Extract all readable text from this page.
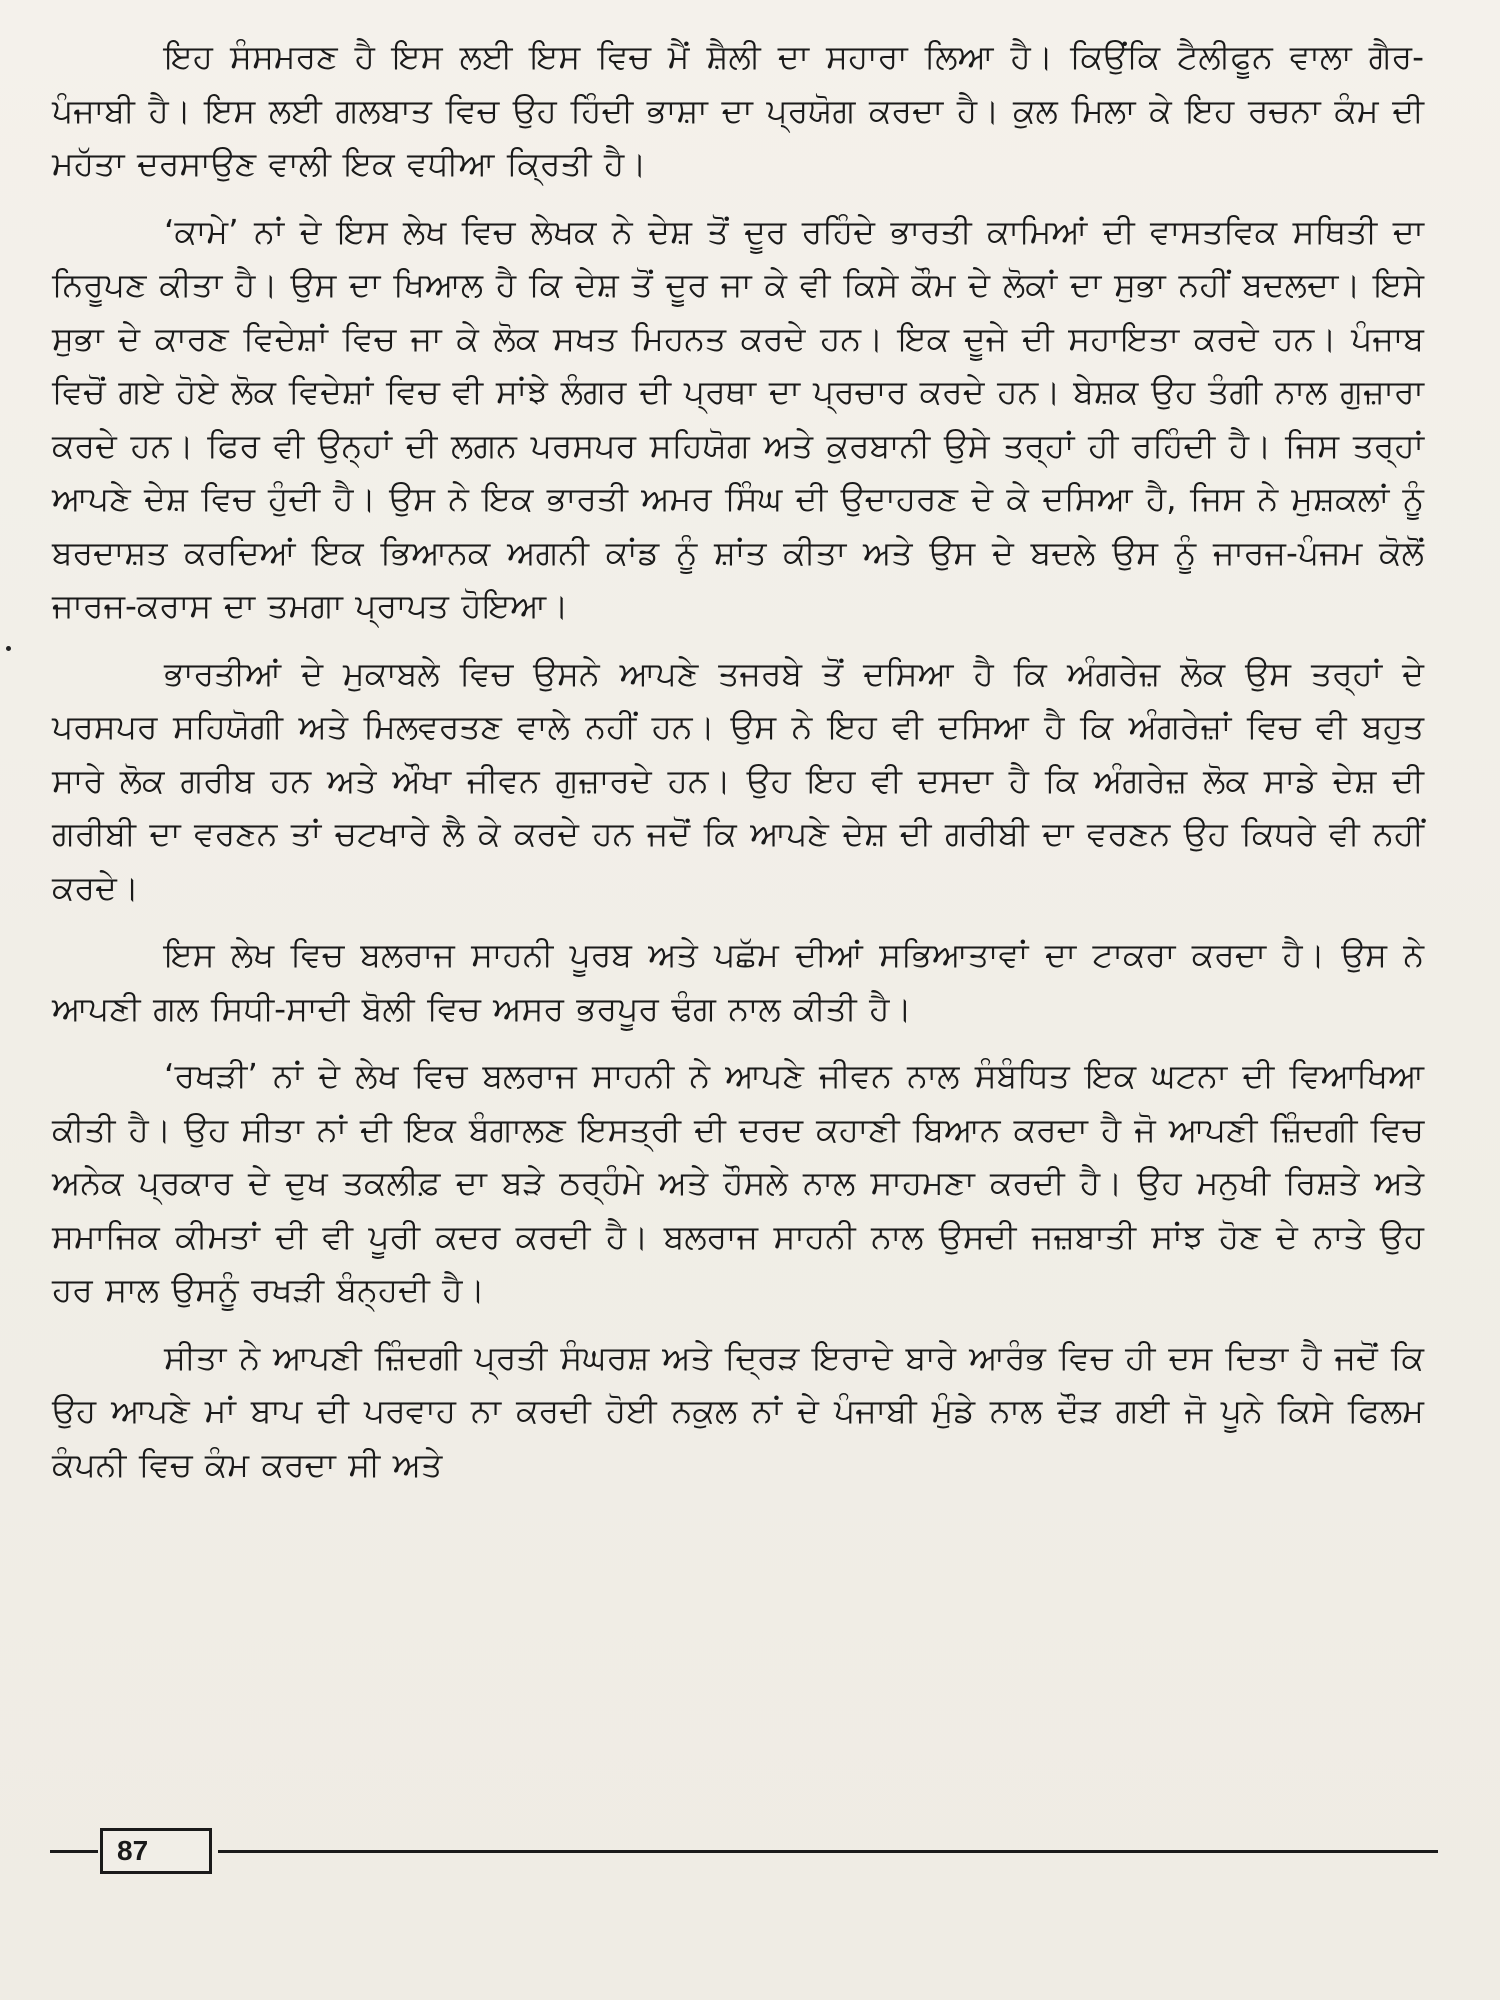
ਇਹ ਸੰਸਮਰਣ ਹੈ ਇਸ ਲਈ ਇਸ ਵਿਚ ਮੈਂ ਸ਼ੈਲੀ ਦਾ ਸਹਾਰਾ ਲਿਆ ਹੈ। ਕਿਉਂਕਿ ਟੈਲੀਫੂਨ ਵਾਲਾ ਗੈਰ-ਪੰਜਾਬੀ ਹੈ। ਇਸ ਲਈ ਗਲਬਾਤ ਵਿਚ ਉਹ ਹਿੰਦੀ ਭਾਸ਼ਾ ਦਾ ਪ੍ਰਯੋਗ ਕਰਦਾ ਹੈ। ਕੁਲ ਮਿਲਾ ਕੇ ਇਹ ਰਚਨਾ ਕੰਮ ਦੀ ਮਹੱਤਾ ਦਰਸਾਉਣ ਵਾਲੀ ਇਕ ਵਧੀਆ ਕ੍ਰਿਤੀ ਹੈ।

‘ਕਾਮੇ’ ਨਾਂ ਦੇ ਇਸ ਲੇਖ ਵਿਚ ਲੇਖਕ ਨੇ ਦੇਸ਼ ਤੋਂ ਦੂਰ ਰਹਿੰਦੇ ਭਾਰਤੀ ਕਾਮਿਆਂ ਦੀ ਵਾਸਤਵਿਕ ਸਥਿਤੀ ਦਾ ਨਿਰੂਪਣ ਕੀਤਾ ਹੈ। ਉਸ ਦਾ ਖਿਆਲ ਹੈ ਕਿ ਦੇਸ਼ ਤੋਂ ਦੂਰ ਜਾ ਕੇ ਵੀ ਕਿਸੇ ਕੌਮ ਦੇ ਲੋਕਾਂ ਦਾ ਸੁਭਾ ਨਹੀਂ ਬਦਲਦਾ। ਇਸੇ ਸੁਭਾ ਦੇ ਕਾਰਣ ਵਿਦੇਸ਼ਾਂ ਵਿਚ ਜਾ ਕੇ ਲੋਕ ਸਖਤ ਮਿਹਨਤ ਕਰਦੇ ਹਨ। ਇਕ ਦੂਜੇ ਦੀ ਸਹਾਇਤਾ ਕਰਦੇ ਹਨ। ਪੰਜਾਬ ਵਿਚੋਂ ਗਏ ਹੋਏ ਲੋਕ ਵਿਦੇਸ਼ਾਂ ਵਿਚ ਵੀ ਸਾਂਝੇ ਲੰਗਰ ਦੀ ਪ੍ਰਥਾ ਦਾ ਪ੍ਰਚਾਰ ਕਰਦੇ ਹਨ। ਬੇਸ਼ਕ ਉਹ ਤੰਗੀ ਨਾਲ ਗੁਜ਼ਾਰਾ ਕਰਦੇ ਹਨ। ਫਿਰ ਵੀ ਉਨ੍ਹਾਂ ਦੀ ਲਗਨ ਪਰਸਪਰ ਸਹਿਯੋਗ ਅਤੇ ਕੁਰਬਾਨੀ ਉਸੇ ਤਰ੍ਹਾਂ ਹੀ ਰਹਿੰਦੀ ਹੈ। ਜਿਸ ਤਰ੍ਹਾਂ ਆਪਣੇ ਦੇਸ਼ ਵਿਚ ਹੁੰਦੀ ਹੈ। ਉਸ ਨੇ ਇਕ ਭਾਰਤੀ ਅਮਰ ਸਿੰਘ ਦੀ ਉਦਾਹਰਣ ਦੇ ਕੇ ਦਸਿਆ ਹੈ, ਜਿਸ ਨੇ ਮੁਸ਼ਕਲਾਂ ਨੂੰ ਬਰਦਾਸ਼ਤ ਕਰਦਿਆਂ ਇਕ ਭਿਆਨਕ ਅਗਨੀ ਕਾਂਡ ਨੂੰ ਸ਼ਾਂਤ ਕੀਤਾ ਅਤੇ ਉਸ ਦੇ ਬਦਲੇ ਉਸ ਨੂੰ ਜਾਰਜ-ਪੰਜਮ ਕੋਲੋਂ ਜਾਰਜ-ਕਰਾਸ ਦਾ ਤਮਗਾ ਪ੍ਰਾਪਤ ਹੋਇਆ।

ਭਾਰਤੀਆਂ ਦੇ ਮੁਕਾਬਲੇ ਵਿਚ ਉਸਨੇ ਆਪਣੇ ਤਜਰਬੇ ਤੋਂ ਦਸਿਆ ਹੈ ਕਿ ਅੰਗਰੇਜ਼ ਲੋਕ ਉਸ ਤਰ੍ਹਾਂ ਦੇ ਪਰਸਪਰ ਸਹਿਯੋਗੀ ਅਤੇ ਮਿਲਵਰਤਣ ਵਾਲੇ ਨਹੀਂ ਹਨ। ਉਸ ਨੇ ਇਹ ਵੀ ਦਸਿਆ ਹੈ ਕਿ ਅੰਗਰੇਜ਼ਾਂ ਵਿਚ ਵੀ ਬਹੁਤ ਸਾਰੇ ਲੋਕ ਗਰੀਬ ਹਨ ਅਤੇ ਔਖਾ ਜੀਵਨ ਗੁਜ਼ਾਰਦੇ ਹਨ। ਉਹ ਇਹ ਵੀ ਦਸਦਾ ਹੈ ਕਿ ਅੰਗਰੇਜ਼ ਲੋਕ ਸਾਡੇ ਦੇਸ਼ ਦੀ ਗਰੀਬੀ ਦਾ ਵਰਣਨ ਤਾਂ ਚਟਖਾਰੇ ਲੈ ਕੇ ਕਰਦੇ ਹਨ ਜਦੋਂ ਕਿ ਆਪਣੇ ਦੇਸ਼ ਦੀ ਗਰੀਬੀ ਦਾ ਵਰਣਨ ਉਹ ਕਿਧਰੇ ਵੀ ਨਹੀਂ ਕਰਦੇ।

ਇਸ ਲੇਖ ਵਿਚ ਬਲਰਾਜ ਸਾਹਨੀ ਪੂਰਬ ਅਤੇ ਪਛੱਮ ਦੀਆਂ ਸਭਿਆਤਾਵਾਂ ਦਾ ਟਾਕਰਾ ਕਰਦਾ ਹੈ। ਉਸ ਨੇ ਆਪਣੀ ਗਲ ਸਿਧੀ-ਸਾਦੀ ਬੋਲੀ ਵਿਚ ਅਸਰ ਭਰਪੂਰ ਢੰਗ ਨਾਲ ਕੀਤੀ ਹੈ।

‘ਰਖੜੀ’ ਨਾਂ ਦੇ ਲੇਖ ਵਿਚ ਬਲਰਾਜ ਸਾਹਨੀ ਨੇ ਆਪਣੇ ਜੀਵਨ ਨਾਲ ਸੰਬੰਧਿਤ ਇਕ ਘਟਨਾ ਦੀ ਵਿਆਖਿਆ ਕੀਤੀ ਹੈ। ਉਹ ਸੀਤਾ ਨਾਂ ਦੀ ਇਕ ਬੰਗਾਲਣ ਇਸਤ੍ਰੀ ਦੀ ਦਰਦ ਕਹਾਣੀ ਬਿਆਨ ਕਰਦਾ ਹੈ ਜੋ ਆਪਣੀ ਜ਼ਿੰਦਗੀ ਵਿਚ ਅਨੇਕ ਪ੍ਰਕਾਰ ਦੇ ਦੁਖ ਤਕਲੀਫ਼ ਦਾ ਬੜੇ ਠਰ੍ਹੰਮੇ ਅਤੇ ਹੌਸਲੇ ਨਾਲ ਸਾਹਮਣਾ ਕਰਦੀ ਹੈ। ਉਹ ਮਨੁਖੀ ਰਿਸ਼ਤੇ ਅਤੇ ਸਮਾਜਿਕ ਕੀਮਤਾਂ ਦੀ ਵੀ ਪੂਰੀ ਕਦਰ ਕਰਦੀ ਹੈ। ਬਲਰਾਜ ਸਾਹਨੀ ਨਾਲ ਉਸਦੀ ਜਜ਼ਬਾਤੀ ਸਾਂਝ ਹੋਣ ਦੇ ਨਾਤੇ ਉਹ ਹਰ ਸਾਲ ਉਸਨੂੰ ਰਖੜੀ ਬੰਨ੍ਹਦੀ ਹੈ।

ਸੀਤਾ ਨੇ ਆਪਣੀ ਜ਼ਿੰਦਗੀ ਪ੍ਰਤੀ ਸੰਘਰਸ਼ ਅਤੇ ਦ੍ਰਿੜ ਇਰਾਦੇ ਬਾਰੇ ਆਰੰਭ ਵਿਚ ਹੀ ਦਸ ਦਿਤਾ ਹੈ ਜਦੋਂ ਕਿ ਉਹ ਆਪਣੇ ਮਾਂ ਬਾਪ ਦੀ ਪਰਵਾਹ ਨਾ ਕਰਦੀ ਹੋਈ ਨਕੁਲ ਨਾਂ ਦੇ ਪੰਜਾਬੀ ਮੁੰਡੇ ਨਾਲ ਦੌੜ ਗਈ ਜੋ ਪੂਨੇ ਕਿਸੇ ਫਿਲਮ ਕੰਪਨੀ ਵਿਚ ਕੰਮ ਕਰਦਾ ਸੀ ਅਤੇ

87
